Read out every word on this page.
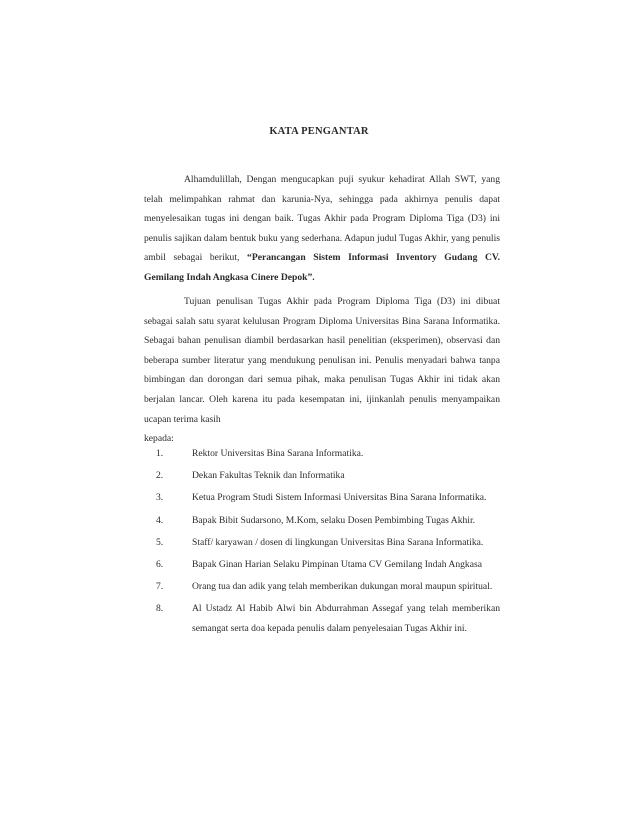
KATA PENGANTAR

Alhamdulillah, Dengan mengucapkan puji syukur kehadirat Allah SWT, yang telah melimpahkan rahmat dan karunia-Nya, sehingga pada akhirnya penulis dapat menyelesaikan tugas ini dengan baik. Tugas Akhir pada Program Diploma Tiga (D3) ini penulis sajikan dalam bentuk buku yang sederhana. Adapun judul Tugas Akhir, yang penulis ambil sebagai berikut, “Perancangan Sistem Informasi Inventory Gudang CV. Gemilang Indah Angkasa Cinere Depok”.

Tujuan penulisan Tugas Akhir pada Program Diploma Tiga (D3) ini dibuat sebagai salah satu syarat kelulusan Program Diploma Universitas Bina Sarana Informatika. Sebagai bahan penulisan diambil berdasarkan hasil penelitian (eksperimen), observasi dan beberapa sumber literatur yang mendukung penulisan ini. Penulis menyadari bahwa tanpa bimbingan dan dorongan dari semua pihak, maka penulisan Tugas Akhir ini tidak akan berjalan lancar. Oleh karena itu pada kesempatan ini, ijinkanlah penulis menyampaikan ucapan terima kasih

kepada:

1.	Rektor Universitas Bina Sarana Informatika.
2.	Dekan Fakultas Teknik dan Informatika
3.	Ketua Program Studi Sistem Informasi Universitas Bina Sarana Informatika.
4.	Bapak Bibit Sudarsono, M.Kom, selaku Dosen Pembimbing Tugas Akhir.
5.	Staff/ karyawan / dosen di lingkungan Universitas Bina Sarana Informatika.
6.	Bapak Ginan Harian Selaku Pimpinan Utama CV Gemilang Indah Angkasa
7.	Orang tua dan adik yang telah memberikan dukungan moral maupun spiritual.
8.	Al Ustadz Al Habib Alwi bin Abdurrahman Assegaf yang telah memberikan semangat serta doa kepada penulis dalam penyelesaian Tugas Akhir ini.
